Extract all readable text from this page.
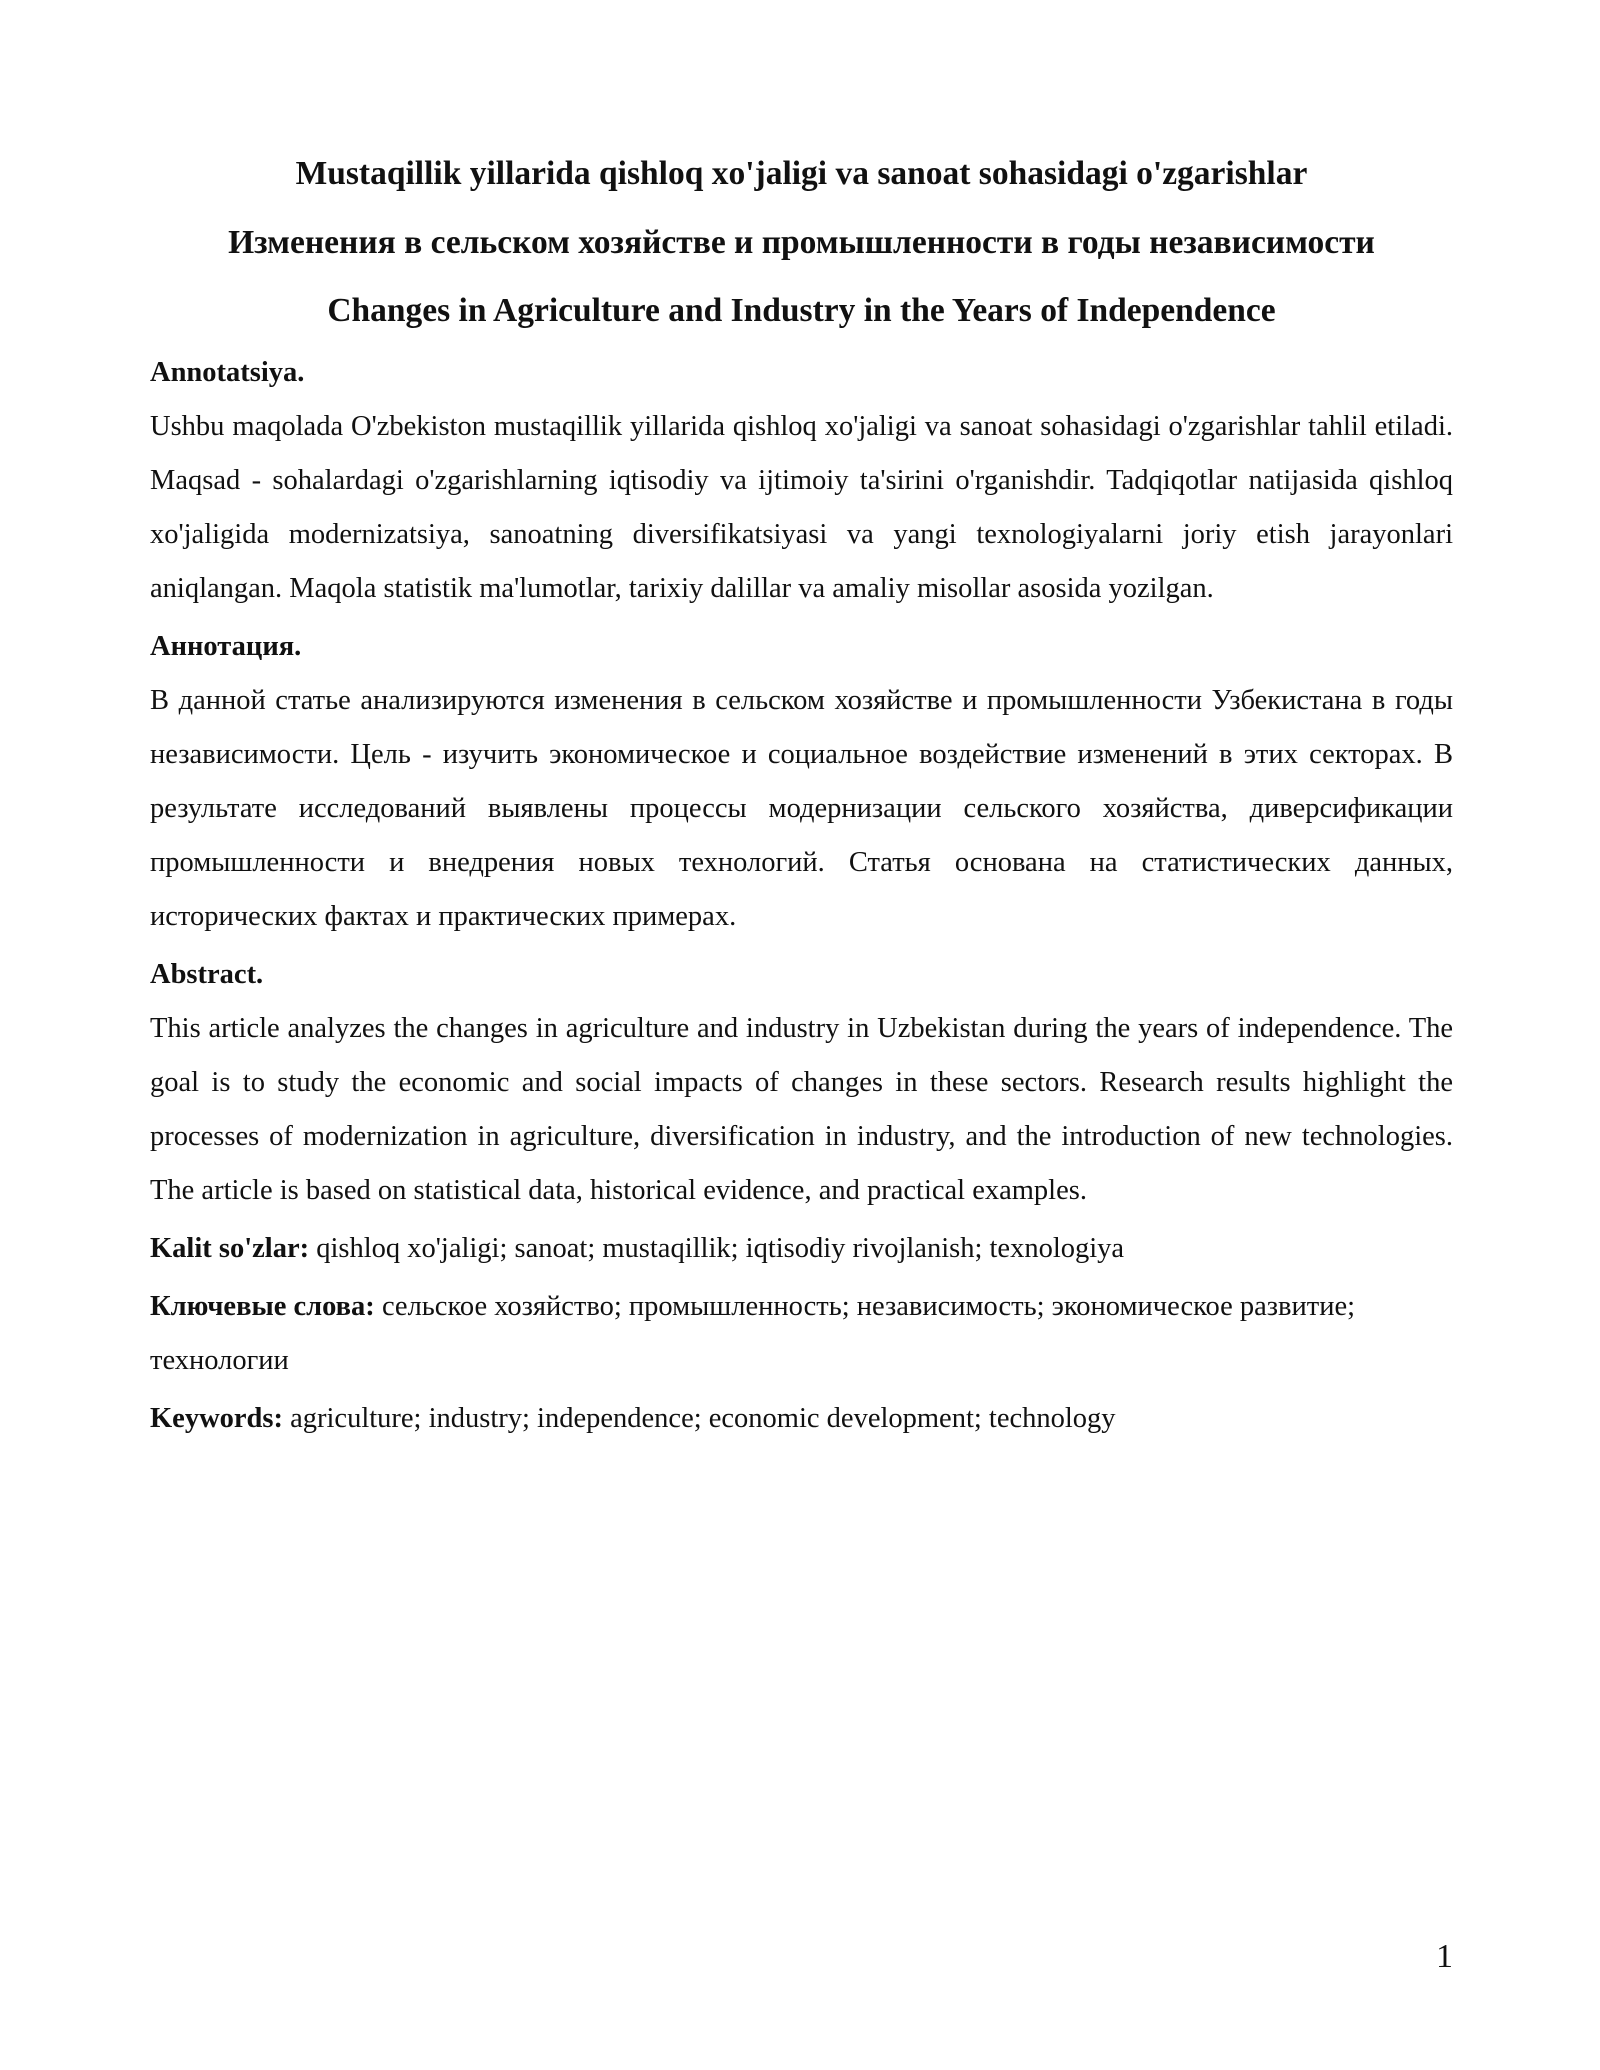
Mustaqillik yillarida qishloq xo'jaligi va sanoat sohasidagi o'zgarishlar
Изменения в сельском хозяйстве и промышленности в годы независимости
Changes in Agriculture and Industry in the Years of Independence

Annotatsiya.

Ushbu maqolada O'zbekiston mustaqillik yillarida qishloq xo'jaligi va sanoat sohasidagi o'zgarishlar tahlil etiladi. Maqsad - sohalardagi o'zgarishlarning iqtisodiy va ijtimoiy ta'sirini o'rganishdir. Tadqiqotlar natijasida qishloq xo'jaligida modernizatsiya, sanoatning diversifikatsiyasi va yangi texnologiyalarni joriy etish jarayonlari aniqlangan. Maqola statistik ma'lumotlar, tarixiy dalillar va amaliy misollar asosida yozilgan.

Аннотация.

В данной статье анализируются изменения в сельском хозяйстве и промышленности Узбекистана в годы независимости. Цель - изучить экономическое и социальное воздействие изменений в этих секторах. В результате исследований выявлены процессы модернизации сельского хозяйства, диверсификации промышленности и внедрения новых технологий. Статья основана на статистических данных, исторических фактах и практических примерах.

Abstract.

This article analyzes the changes in agriculture and industry in Uzbekistan during the years of independence. The goal is to study the economic and social impacts of changes in these sectors. Research results highlight the processes of modernization in agriculture, diversification in industry, and the introduction of new technologies. The article is based on statistical data, historical evidence, and practical examples.

Kalit so'zlar: qishloq xo'jaligi; sanoat; mustaqillik; iqtisodiy rivojlanish; texnologiya

Ключевые слова: сельское хозяйство; промышленность; независимость; экономическое развитие; технологии

Keywords: agriculture; industry; independence; economic development; technology

1
